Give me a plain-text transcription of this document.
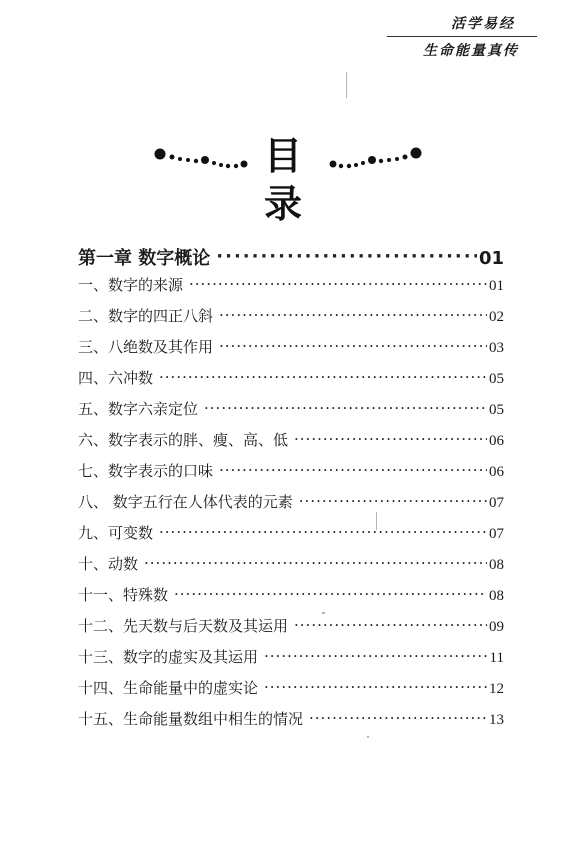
活学易经
生命能量真传
目录
第一章 数字概论 ·····	01
一、数字的来源 ·····	01
二、数字的四正八斜 ·····	02
三、八绝数及其作用 ·····	03
四、六冲数 ·····	05
五、数字六亲定位 ·····	05
六、数字表示的胖、瘦、高、低 ·····	06
七、数字表示的口味 ·····	06
八、 数字五行在人体代表的元素 ·····	07
九、可变数 ·····	07
十、动数 ·····	08
十一、特殊数 ·····	08
十二、先天数与后天数及其运用 ·····	09
十三、数字的虚实及其运用 ·····	11
十四、生命能量中的虚实论 ·····	12
十五、生命能量数组中相生的情况 ·····	13
